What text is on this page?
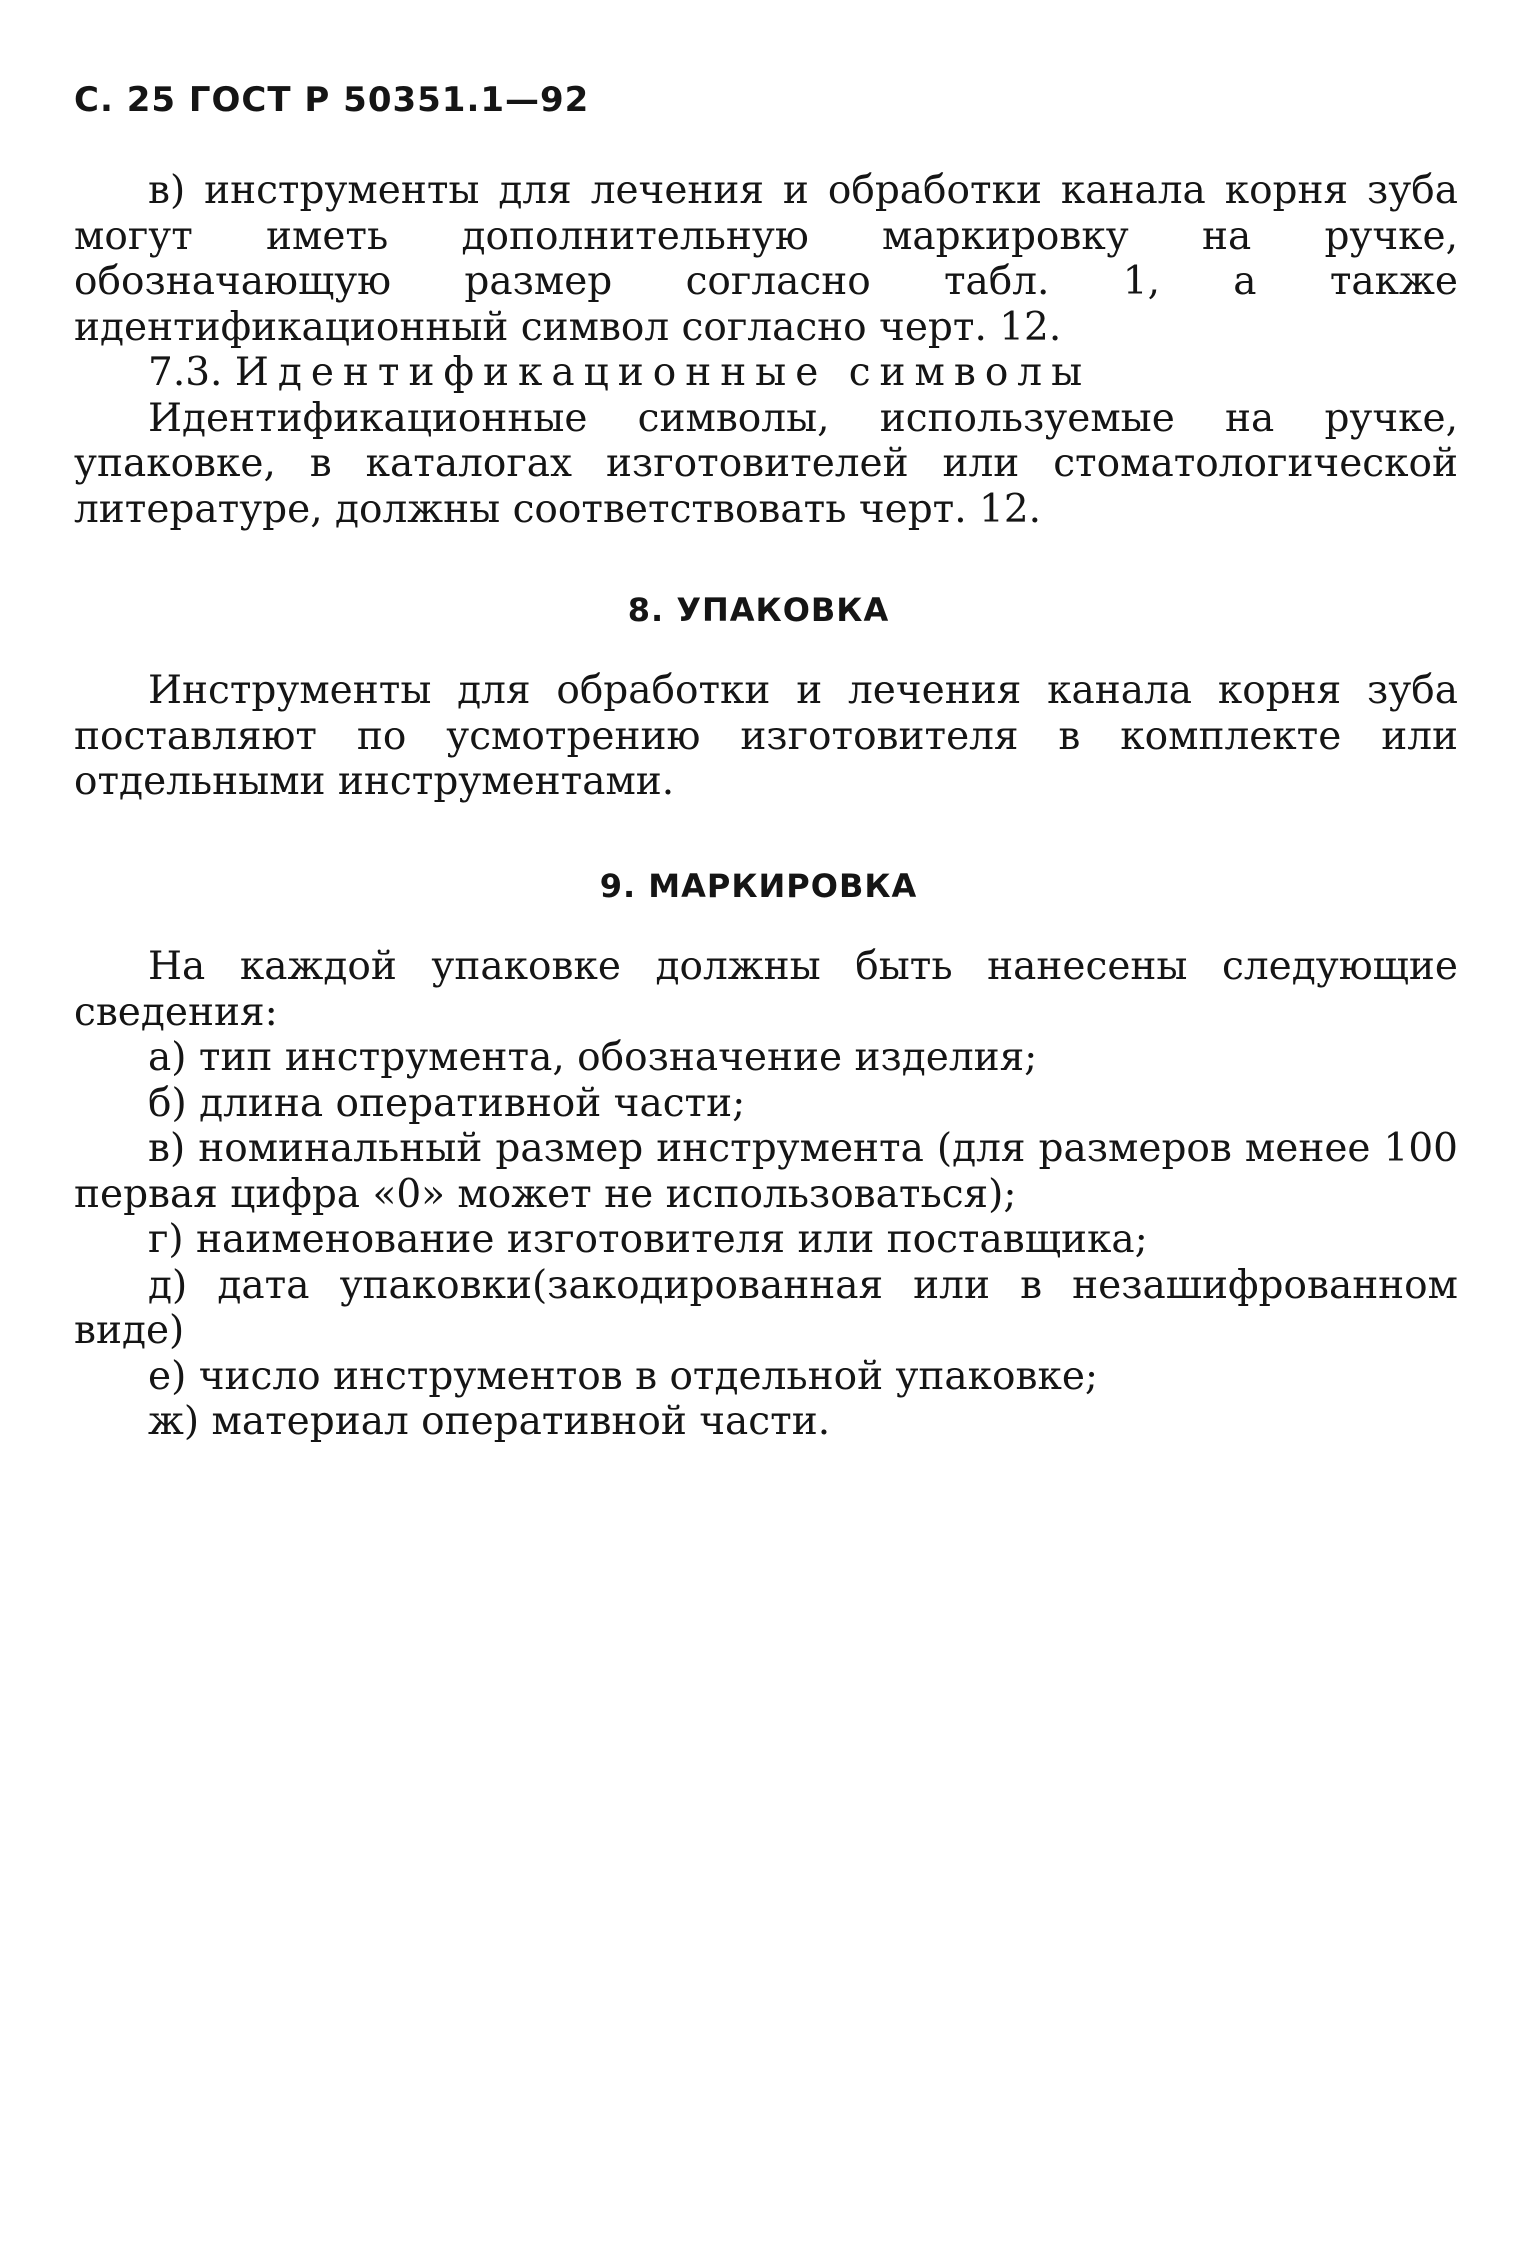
С. 25 ГОСТ Р 50351.1—92

в) инструменты для лечения и обработки канала корня зуба могут иметь дополнительную маркировку на ручке, обозначающую размер согласно табл. 1, а также идентификационный символ согласно черт. 12.

7.3. Идентификационные символы

Идентификационные символы, используемые на ручке, упаковке, в каталогах изготовителей или стоматологической литературе, должны соответствовать черт. 12.

8. УПАКОВКА

Инструменты для обработки и лечения канала корня зуба поставляют по усмотрению изготовителя в комплекте или отдельными инструментами.

9. МАРКИРОВКА

На каждой упаковке должны быть нанесены следующие сведения:

а) тип инструмента, обозначение изделия;

б) длина оперативной части;

в) номинальный размер инструмента (для размеров менее 100 первая цифра «0» может не использоваться);

г) наименование изготовителя или поставщика;

д) дата упаковки(закодированная или в незашифрованном виде)

е) число инструментов в отдельной упаковке;

ж) материал оперативной части.
